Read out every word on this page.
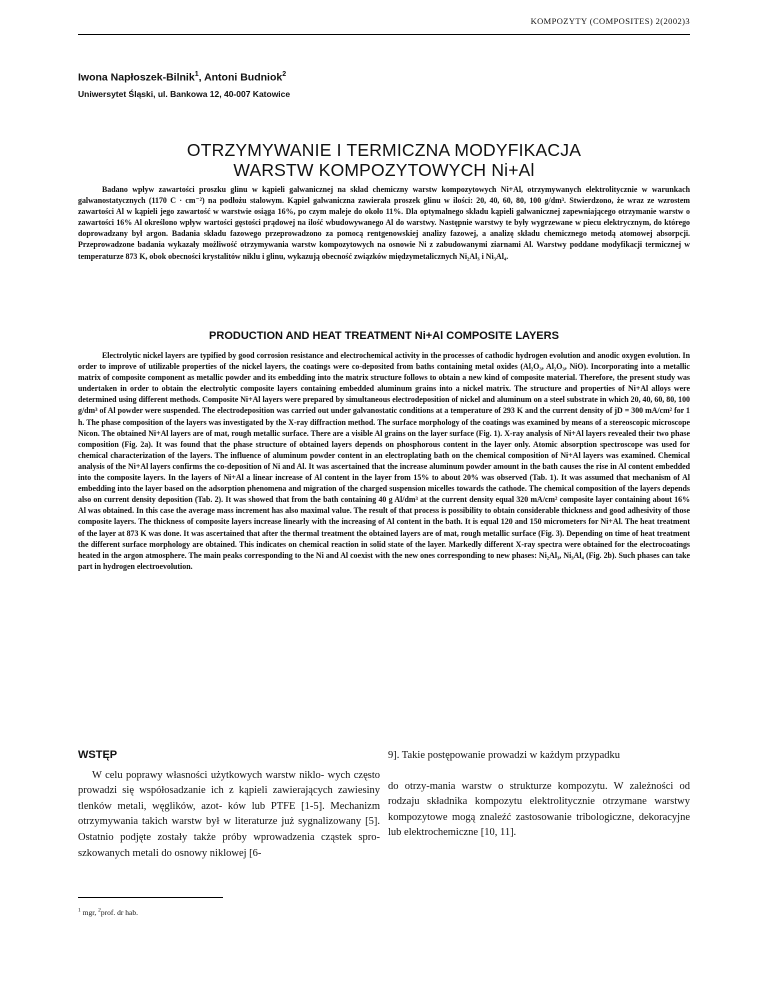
KOMPOZYTY (COMPOSITES) 2(2002)3
Iwona Napłoszek-Bilnik$^1$, Antoni Budniok$^2$
Uniwersytet Śląski, ul. Bankowa 12, 40-007 Katowice
OTRZYMYWANIE I TERMICZNA MODYFIKACJA
WARSTW KOMPOZYTOWYCH Ni+Al

Badano wpływ zawartości proszku glinu w kąpieli galwanicznej na skład chemiczny warstw kompozytowych Ni+Al, otrzymywanych elektrolitycznie w warunkach galwanostatycznych (1170 C · cm⁻²) na podłożu stalowym. Kąpiel galwaniczna zawierała proszek glinu w ilości: 20, 40, 60, 80, 100 g/dm³. Stwierdzono, że wraz ze wzrostem zawartości Al w kąpieli jego zawartość w warstwie osiąga 16%, po czym maleje do około 11%. Dla optymalnego składu kąpieli galwanicznej zapewniającego otrzymanie warstw o zawartości 16% Al określono wpływ wartości gęstości prądowej na ilość wbudowywanego Al do warstwy. Następnie warstwy te były wygrzewane w piecu elektrycznym, do którego doprowadzany był argon. Badania składu fazowego przeprowadzono za pomocą rentgenowskiej analizy fazowej, a analizę składu chemicznego metodą atomowej absorpcji. Przeprowadzone badania wykazały możliwość otrzymywania warstw kompozytowych na osnowie Ni z zabudowanymi ziarnami Al. Warstwy poddane modyfikacji termicznej w temperaturze 873 K, obok obecności krystalitów niklu i glinu, wykazują obecność związków międzymetalicznych Ni₂Al₃ i Ni₃Al₄.

PRODUCTION AND HEAT TREATMENT Ni+Al COMPOSITE LAYERS

Electrolytic nickel layers are typified by good corrosion resistance and electrochemical activity in the processes of cathodic hydrogen evolution and anodic oxygen evolution. In order to improve of utilizable properties of the nickel layers, the coatings were co-deposited from baths containing metal oxides (Al₂O₃, Al₂O₃, NiO). Incorporating into a metallic matrix of composite component as metallic powder and its embedding into the matrix structure follows to obtain a new kind of composite material. Therefore, the present study was undertaken in order to obtain the electrolytic composite layers containing embedded aluminum grains into a nickel matrix. The structure and properties of Ni+Al alloys were determined using different methods. Composite Ni+Al layers were prepared by simultaneous electrodeposition of nickel and aluminum on a steel substrate in which 20, 40, 60, 80, 100 g/dm³ of Al powder were suspended. The electrodeposition was carried out under galvanostatic conditions at a temperature of 293 K and the current density of jD = 300 mA/cm² for 1 h. The phase composition of the layers was investigated by the X-ray diffraction method. The surface morphology of the coatings was examined by means of a stereoscopic microscope Nicon. The obtained Ni+Al layers are of mat, rough metallic surface. There are a visible Al grains on the layer surface (Fig. 1). X-ray analysis of Ni+Al layers revealed their two phase composition (Fig. 2a). It was found that the phase structure of obtained layers depends on phosphorous content in the layer only. Atomic absorption spectroscope was used for chemical characterization of the layers. The influence of aluminum powder content in an electroplating bath on the chemical composition of Ni+Al layers was examined. Chemical analysis of the Ni+Al layers confirms the co-deposition of Ni and Al. It was ascertained that the increase aluminum powder amount in the bath causes the rise in Al content embedded into the composite layers. In the layers of Ni+Al a linear increase of Al content in the layer from 15% to about 20% was observed (Tab. 1). It was assumed that mechanism of Al embedding into the layer based on the adsorption phenomena and migration of the charged suspension micelles towards the cathode. The chemical composition of the layers depends also on current density deposition (Tab. 2). It was showed that from the bath containing 40 g Al/dm³ at the current density equal 320 mA/cm² composite layer containing about 16% Al was obtained. In this case the average mass increment has also maximal value. The result of that process is possibility to obtain considerable thickness and good adhesivity of those composite layers. The thickness of composite layers increase linearly with the increasing of Al content in the bath. It is equal 120 and 150 micrometers for Ni+Al. The heat treatment of the layer at 873 K was done. It was ascertained that after the thermal treatment the obtained layers are of mat, rough metallic surface (Fig. 3). Depending on time of heat treatment the different surface morphology are obtained. This indicates on chemical reaction in solid state of the layer. Markedly different X-ray spectra were obtained for the electrocoatings heated in the argon atmosphere. The main peaks corresponding to the Ni and Al coexist with the new ones corresponding to new phases: Ni₂Al₃, Ni₃Al₄ (Fig. 2b). Such phases can take part in hydrogen electroevolution.

WSTĘP

W celu poprawy własności użytkowych warstw niklo- wych często prowadzi się współosadzanie ich z kąpieli zawierających zawiesiny tlenków metali, węglików, azot- ków lub PTFE [1-5]. Mechanizm otrzymywania takich warstw był w literaturze już sygnalizowany [5]. Ostatnio podjęte zostały także próby wprowadzenia cząstek spro-szkowanych metali do osnowy niklowej [6-

9]. Takie postępowanie prowadzi w każdym przypadku

do otrzy-mania warstw o strukturze kompozytu. W zależności od rodzaju składnika kompozytu elektrolitycznie otrzymane warstwy kompozytowe mogą znaleźć zastosowanie tribologiczne, dekoracyjne lub elektrochemiczne [10, 11].

$^1$ mgr, $^2$prof. dr hab.
